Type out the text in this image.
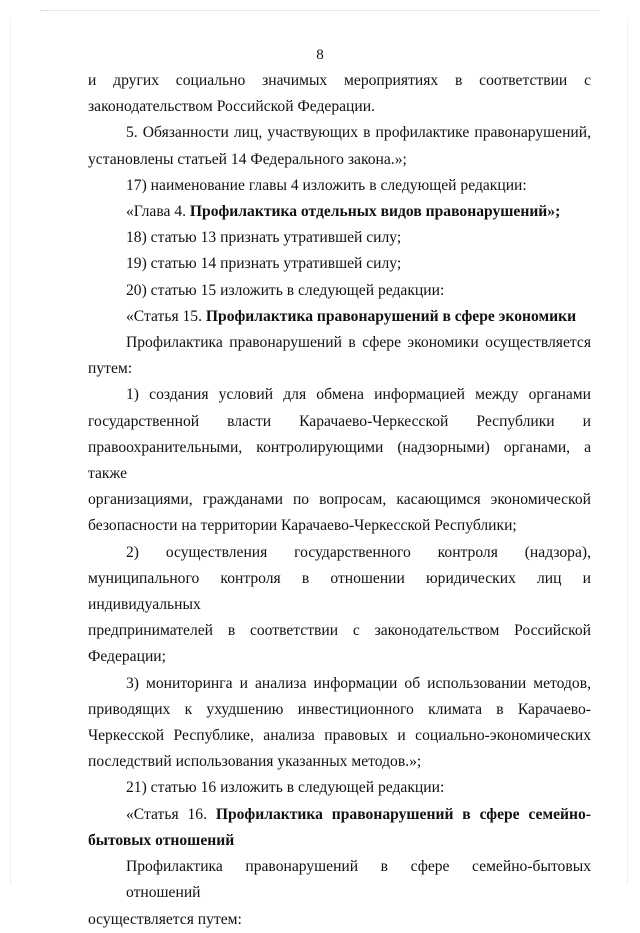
8
и других социально значимых мероприятиях в соответствии с
законодательством Российской Федерации.
5. Обязанности лиц, участвующих в профилактике правонарушений,
установлены статьей 14 Федерального закона.»;
17) наименование главы 4 изложить в следующей редакции:
«Глава 4. Профилактика отдельных видов правонарушений»;
18) статью 13 признать утратившей силу;
19) статью 14 признать утратившей силу;
20) статью 15 изложить в следующей редакции:
«Статья 15. Профилактика правонарушений в сфере экономики
Профилактика правонарушений в сфере экономики осуществляется
путем:
1) создания условий для обмена информацией между органами
государственной власти Карачаево-Черкесской Республики и
правоохранительными, контролирующими (надзорными) органами, а также
организациями, гражданами по вопросам, касающимся экономической
безопасности на территории Карачаево-Черкесской Республики;
2) осуществления государственного контроля (надзора),
муниципального контроля в отношении юридических лиц и индивидуальных
предпринимателей в соответствии с законодательством Российской
Федерации;
3) мониторинга и анализа информации об использовании методов,
приводящих к ухудшению инвестиционного климата в Карачаево-
Черкесской Республике, анализа правовых и социально-экономических
последствий использования указанных методов.»;
21) статью 16 изложить в следующей редакции:
«Статья 16. Профилактика правонарушений в сфере семейно-
бытовых отношений
Профилактика правонарушений в сфере семейно-бытовых отношений
осуществляется путем:
